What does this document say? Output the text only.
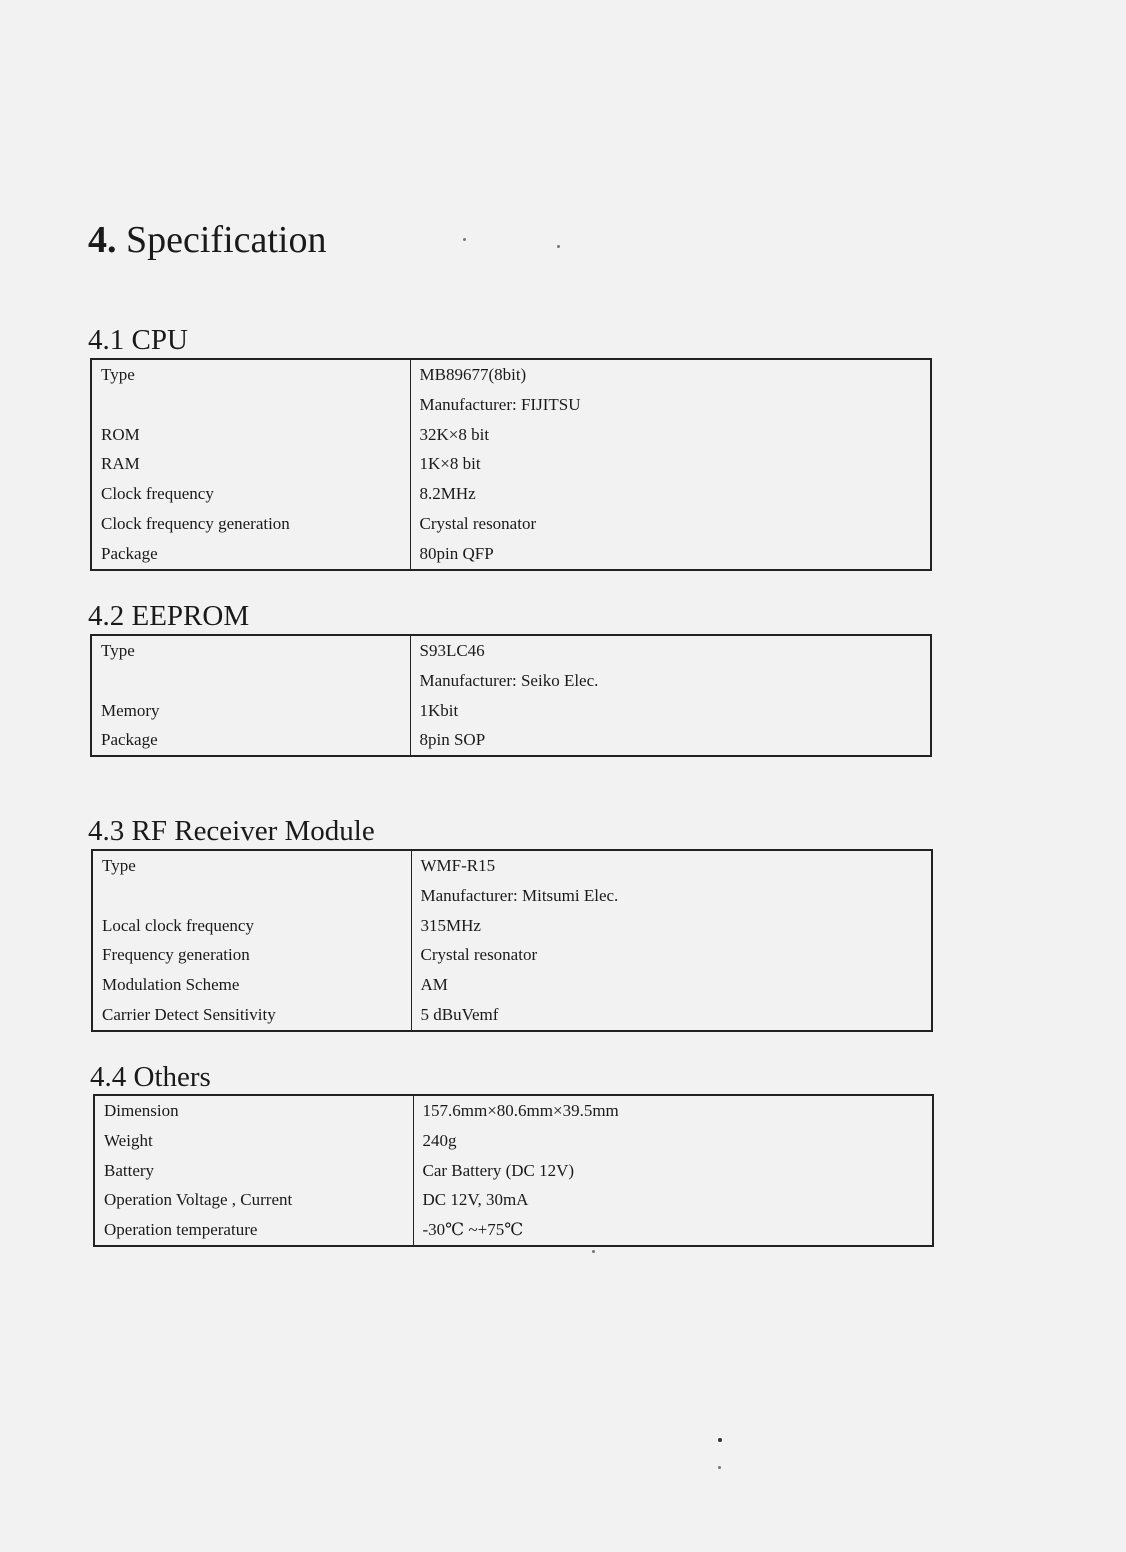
4. Specification
4.1 CPU
Type	MB89677(8bit)
	Manufacturer: FIJITSU
ROM	32K×8 bit
RAM	1K×8 bit
Clock frequency	8.2MHz
Clock frequency generation	Crystal resonator
Package	80pin QFP
4.2 EEPROM
Type	S93LC46
	Manufacturer: Seiko Elec.
Memory	1Kbit
Package	8pin SOP
4.3 RF Receiver Module
Type	WMF-R15
	Manufacturer: Mitsumi Elec.
Local clock frequency	315MHz
Frequency generation	Crystal resonator
Modulation Scheme	AM
Carrier Detect Sensitivity	5 dBuVemf
4.4 Others
Dimension	157.6mm×80.6mm×39.5mm
Weight	240g
Battery	Car Battery (DC 12V)
Operation Voltage , Current	DC 12V, 30mA
Operation temperature	-30℃ ~+75℃
